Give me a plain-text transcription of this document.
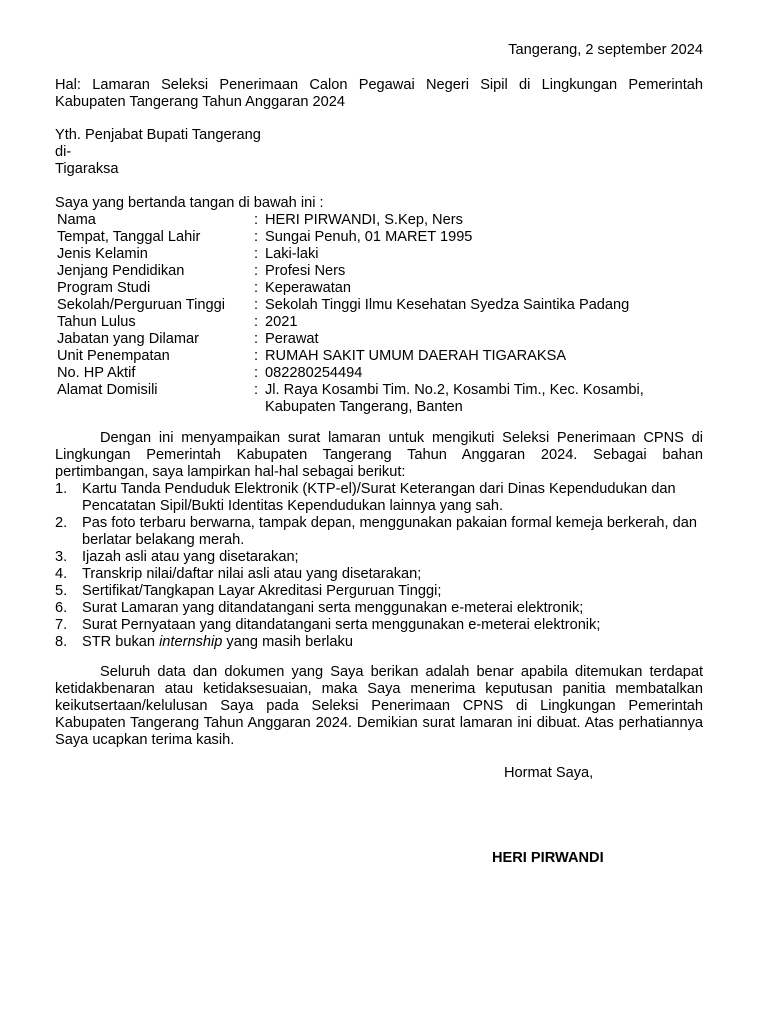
Tangerang, 2 september 2024
Hal: Lamaran Seleksi Penerimaan Calon Pegawai Negeri Sipil di Lingkungan Pemerintah Kabupaten Tangerang Tahun Anggaran 2024
Yth. Penjabat Bupati Tangerang
di-
Tigaraksa
Saya yang bertanda tangan di bawah ini :
Nama	: HERI PIRWANDI, S.Kep, Ners
Tempat, Tanggal Lahir	: Sungai Penuh, 01 MARET 1995
Jenis Kelamin	: Laki-laki
Jenjang Pendidikan	: Profesi Ners
Program Studi	: Keperawatan
Sekolah/Perguruan Tinggi	: Sekolah Tinggi Ilmu Kesehatan Syedza Saintika Padang
Tahun Lulus	: 2021
Jabatan yang Dilamar	: Perawat
Unit Penempatan	: RUMAH SAKIT UMUM DAERAH TIGARAKSA
No. HP Aktif	: 082280254494
Alamat Domisili	: Jl. Raya Kosambi Tim. No.2, Kosambi Tim., Kec. Kosambi, Kabupaten Tangerang, Banten
Dengan ini menyampaikan surat lamaran untuk mengikuti Seleksi Penerimaan CPNS di Lingkungan Pemerintah Kabupaten Tangerang Tahun Anggaran 2024. Sebagai bahan pertimbangan, saya lampirkan hal-hal sebagai berikut:
1.	Kartu Tanda Penduduk Elektronik (KTP-el)/Surat Keterangan dari Dinas Kependudukan dan Pencatatan Sipil/Bukti Identitas Kependudukan lainnya yang sah.
2.	Pas foto terbaru berwarna, tampak depan, menggunakan pakaian formal kemeja berkerah, dan berlatar belakang merah.
3.	Ijazah asli atau yang disetarakan;
4.	Transkrip nilai/daftar nilai asli atau yang disetarakan;
5.	Sertifikat/Tangkapan Layar Akreditasi Perguruan Tinggi;
6.	Surat Lamaran yang ditandatangani serta menggunakan e-meterai elektronik;
7.	Surat Pernyataan yang ditandatangani serta menggunakan e-meterai elektronik;
8.	STR bukan internship yang masih berlaku
Seluruh data dan dokumen yang Saya berikan adalah benar apabila ditemukan terdapat ketidakbenaran atau ketidaksesuaian, maka Saya menerima keputusan panitia membatalkan keikutsertaan/kelulusan Saya pada Seleksi Penerimaan CPNS di Lingkungan Pemerintah Kabupaten Tangerang Tahun Anggaran 2024. Demikian surat lamaran ini dibuat. Atas perhatiannya Saya ucapkan terima kasih.
Hormat Saya,
HERI PIRWANDI
